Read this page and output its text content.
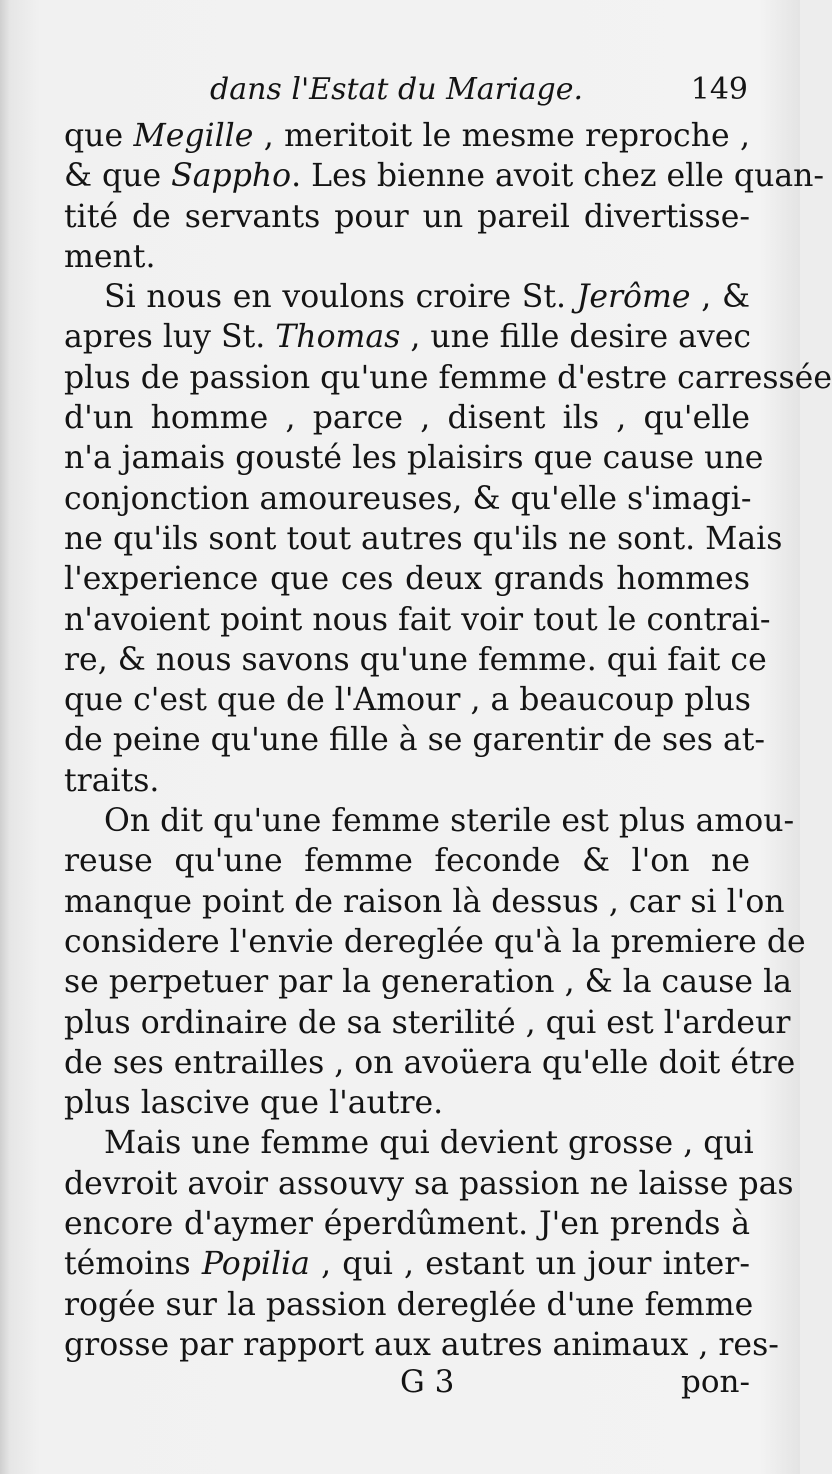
dans l'Estat du Mariage.	149
que Megille , meritoit le mesme reproche ,
& que Sappho. Les bienne avoit chez elle quan-
tité de servants pour un pareil divertisse-
ment.
Si nous en voulons croire St. Jerôme , &
apres luy St. Thomas , une fille desire avec
plus de passion qu'une femme d'estre carressée
d'un homme , parce , disent ils , qu'elle
n'a jamais gousté les plaisirs que cause une
conjonction amoureuses, & qu'elle s'imagi-
ne qu'ils sont tout autres qu'ils ne sont. Mais
l'experience que ces deux grands hommes
n'avoient point nous fait voir tout le contrai-
re, & nous savons qu'une femme. qui fait ce
que c'est que de l'Amour , a beaucoup plus
de peine qu'une fille à se garentir de ses at-
traits.
On dit qu'une femme sterile est plus amou-
reuse qu'une femme feconde & l'on ne
manque point de raison là dessus , car si l'on
considere l'envie dereglée qu'à la premiere de
se perpetuer par la generation , & la cause la
plus ordinaire de sa sterilité , qui est l'ardeur
de ses entrailles , on avoüera qu'elle doit étre
plus lascive que l'autre.
Mais une femme qui devient grosse , qui
devroit avoir assouvy sa passion ne laisse pas
encore d'aymer éperdûment. J'en prends à
témoins Popilia , qui , estant un jour inter-
rogée sur la passion dereglée d'une femme
grosse par rapport aux autres animaux , res-
G 3	pon-
